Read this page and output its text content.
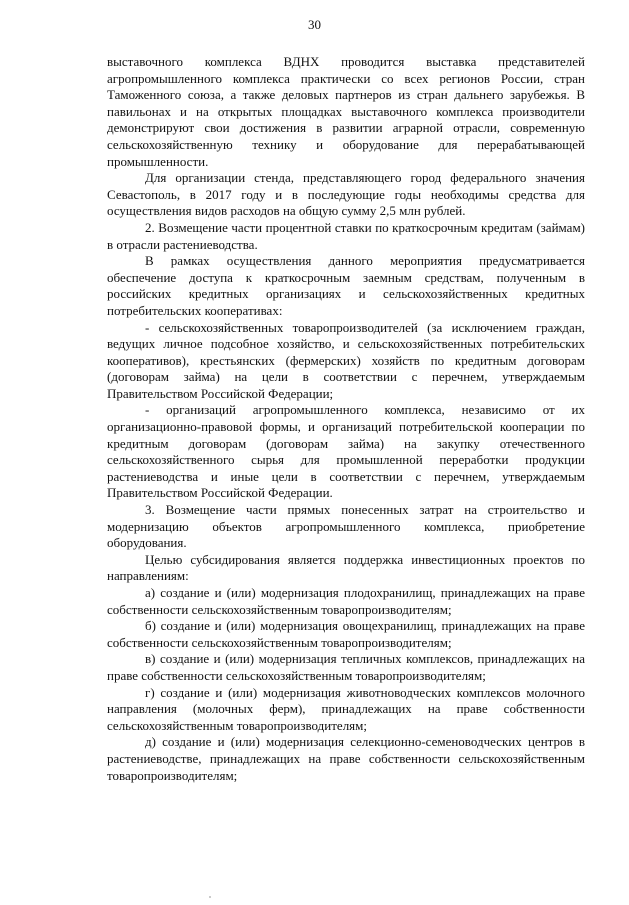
30

выставочного комплекса ВДНХ проводится выставка представителей агропромышленного комплекса практически со всех регионов России, стран Таможенного союза, а также деловых партнеров из стран дальнего зарубежья. В павильонах и на открытых площадках выставочного комплекса производители демонстрируют свои достижения в развитии аграрной отрасли, современную сельскохозяйственную технику и оборудование для перерабатывающей промышленности.

Для организации стенда, представляющего город федерального значения Севастополь, в 2017 году и в последующие годы необходимы средства для осуществления видов расходов на общую сумму 2,5 млн рублей.

2. Возмещение части процентной ставки по краткосрочным кредитам (займам) в отрасли растениеводства.

В рамках осуществления данного мероприятия предусматривается обеспечение доступа к краткосрочным заемным средствам, полученным в российских кредитных организациях и сельскохозяйственных кредитных потребительских кооперативах:

- сельскохозяйственных товаропроизводителей (за исключением граждан, ведущих личное подсобное хозяйство, и сельскохозяйственных потребительских кооперативов), крестьянских (фермерских) хозяйств по кредитным договорам (договорам займа) на цели в соответствии с перечнем, утверждаемым Правительством Российской Федерации;

- организаций агропромышленного комплекса, независимо от их организационно-правовой формы, и организаций потребительской кооперации по кредитным договорам (договорам займа) на закупку отечественного сельскохозяйственного сырья для промышленной переработки продукции растениеводства и иные цели в соответствии с перечнем, утверждаемым Правительством Российской Федерации.

3. Возмещение части прямых понесенных затрат на строительство и модернизацию объектов агропромышленного комплекса, приобретение оборудования.

Целью субсидирования является поддержка инвестиционных проектов по направлениям:

а) создание и (или) модернизация плодохранилищ, принадлежащих на праве собственности сельскохозяйственным товаропроизводителям;

б) создание и (или) модернизация овощехранилищ, принадлежащих на праве собственности сельскохозяйственным товаропроизводителям;

в) создание и (или) модернизация тепличных комплексов, принадлежащих на праве собственности сельскохозяйственным товаропроизводителям;

г) создание и (или) модернизация животноводческих комплексов молочного направления (молочных ферм), принадлежащих на праве собственности сельскохозяйственным товаропроизводителям;

д) создание и (или) модернизация селекционно-семеноводческих центров в растениеводстве, принадлежащих на праве собственности сельскохозяйственным товаропроизводителям;
